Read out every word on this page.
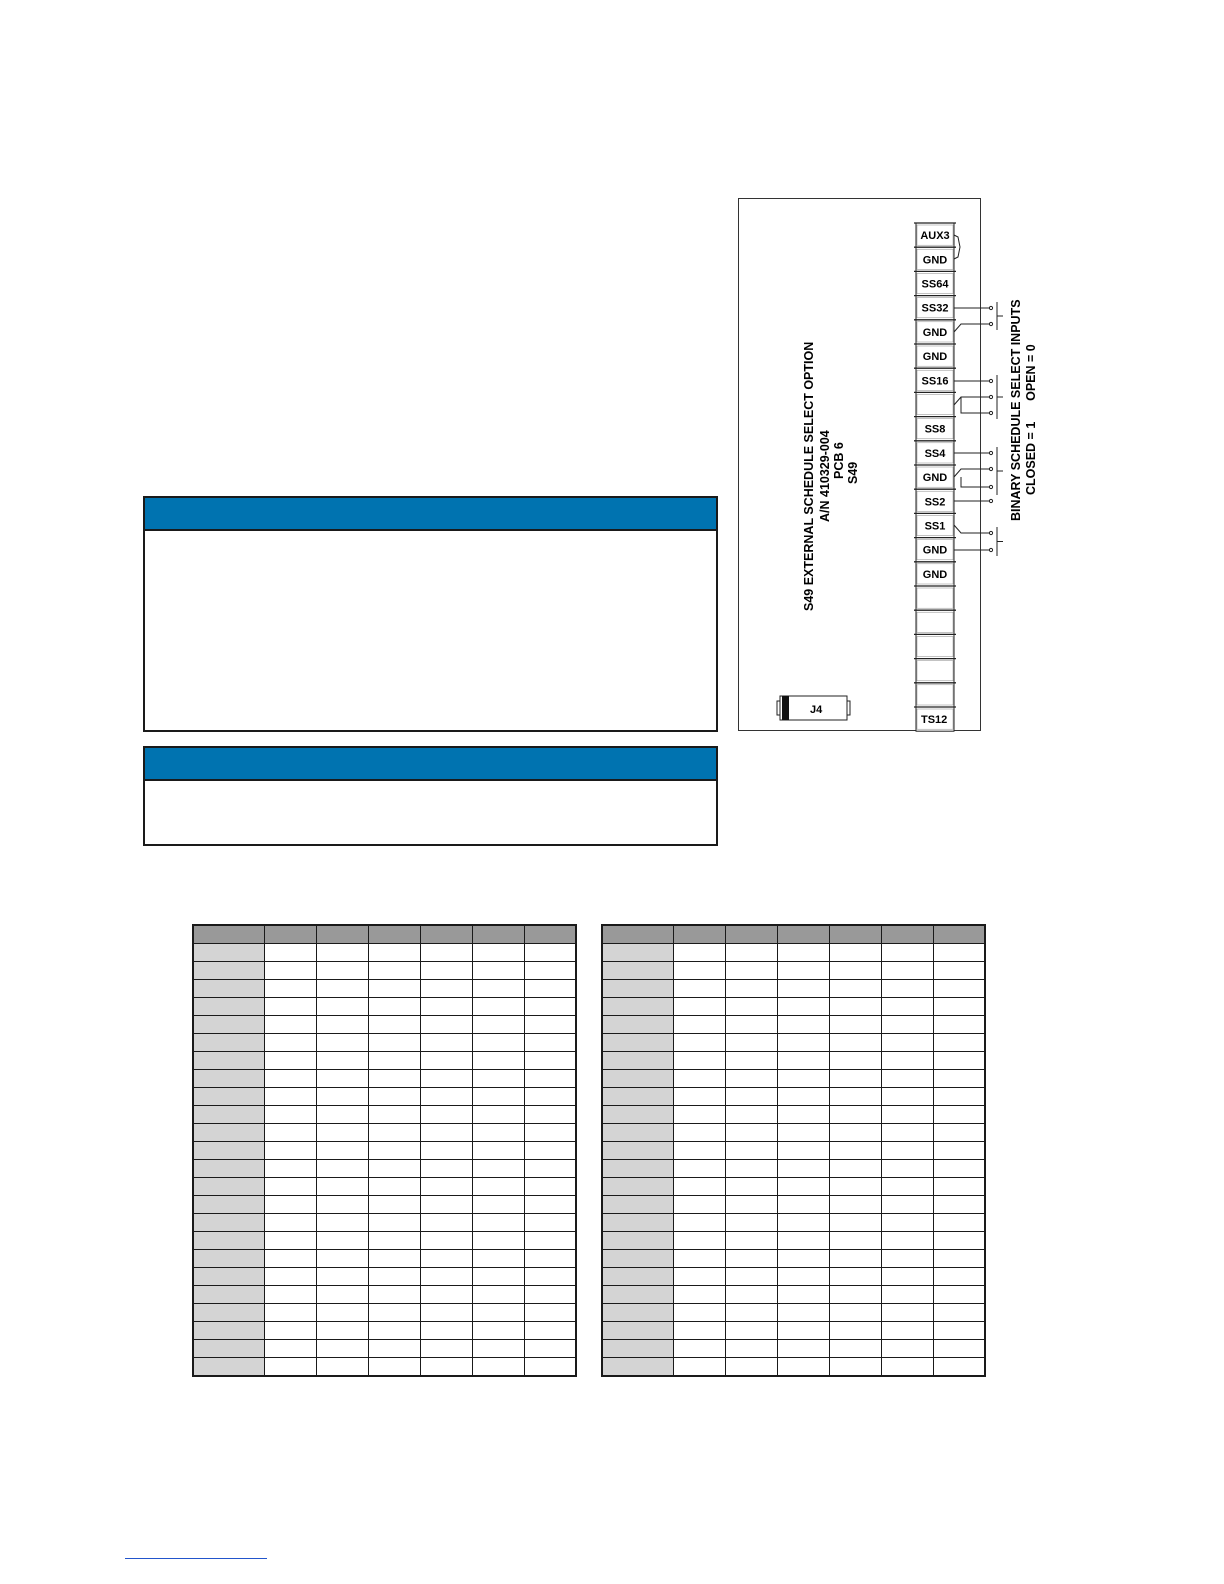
AUX3
GND
SS64
SS32
GND
GND
SS16
SS8
SS4
GND
SS2
SS1
GND
GND
S49 EXTERNAL SCHEDULE SELECT OPTION A/N 410329-004 PCB 6 S49	BINARY SCHEDULE SELECT INPUTS CLOSED = 1      OPEN = 0
J4
TS12
